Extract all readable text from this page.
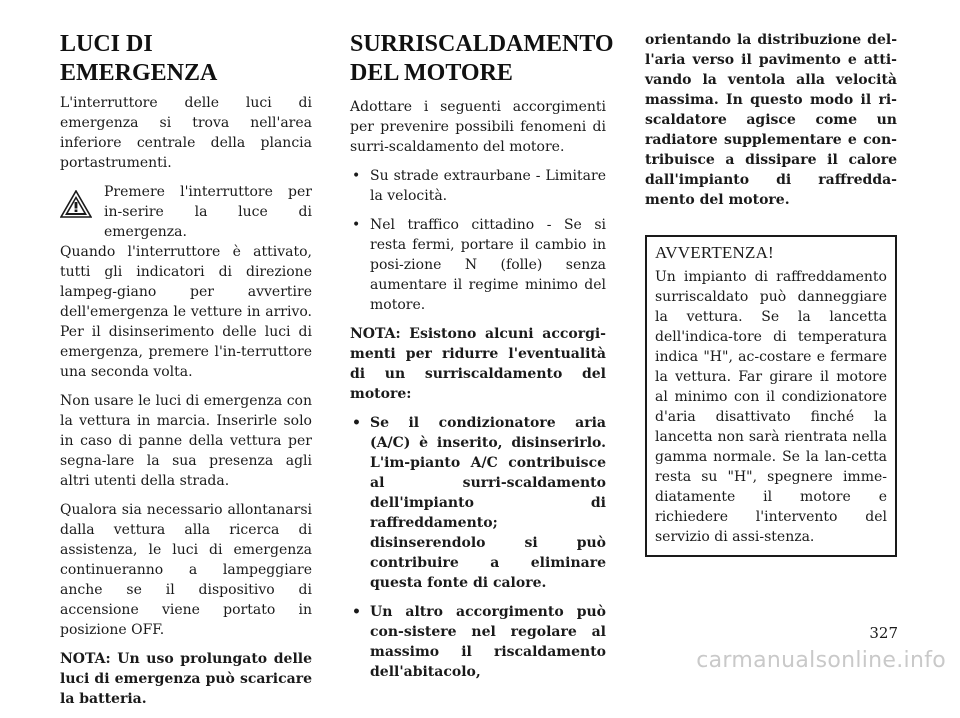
LUCI DI EMERGENZA

L'interruttore delle luci di emergenza si trova nell'area inferiore centrale della plancia portastrumenti.

Premere l'interruttore per in-serire la luce di emergenza.

Quando l'interruttore è attivato, tutti gli indicatori di direzione lampeg-giano per avvertire dell'emergenza le vetture in arrivo. Per il disinserimento delle luci di emergenza, premere l'in-terruttore una seconda volta.

Non usare le luci di emergenza con la vettura in marcia. Inserirle solo in caso di panne della vettura per segna-lare la sua presenza agli altri utenti della strada.

Qualora sia necessario allontanarsi dalla vettura alla ricerca di assistenza, le luci di emergenza continueranno a lampeggiare anche se il dispositivo di accensione viene portato in posizione OFF.

NOTA: Un uso prolungato delle luci di emergenza può scaricare la batteria.

SURRISCALDAMENTO DEL MOTORE

Adottare i seguenti accorgimenti per prevenire possibili fenomeni di surri-scaldamento del motore.

• Su strade extraurbane - Limitare la velocità.
• Nel traffico cittadino - Se si resta fermi, portare il cambio in posi-zione N (folle) senza aumentare il regime minimo del motore.

NOTA: Esistono alcuni accorgi-menti per ridurre l'eventualità di un surriscaldamento del motore:

• Se il condizionatore aria (A/C) è inserito, disinserirlo. L'im-pianto A/C contribuisce al surri-scaldamento dell'impianto di raffreddamento; disinserendolo si può contribuire a eliminare questa fonte di calore.
• Un altro accorgimento può con-sistere nel regolare al massimo il riscaldamento dell'abitacolo,

orientando la distribuzione del-l'aria verso il pavimento e atti-vando la ventola alla velocità massima. In questo modo il ri-scaldatore agisce come un radiatore supplementare e con-tribuisce a dissipare il calore dall'impianto di raffredda-mento del motore.

AVVERTENZA!

Un impianto di raffreddamento surriscaldato può danneggiare la vettura. Se la lancetta dell'indica-tore di temperatura indica "H", ac-costare e fermare la vettura. Far girare il motore al minimo con il condizionatore d'aria disattivato finché la lancetta non sarà rientrata nella gamma normale. Se la lan-cetta resta su "H", spegnere imme-diatamente il motore e richiedere l'intervento del servizio di assi-stenza.

327
carmanualsonline.info
